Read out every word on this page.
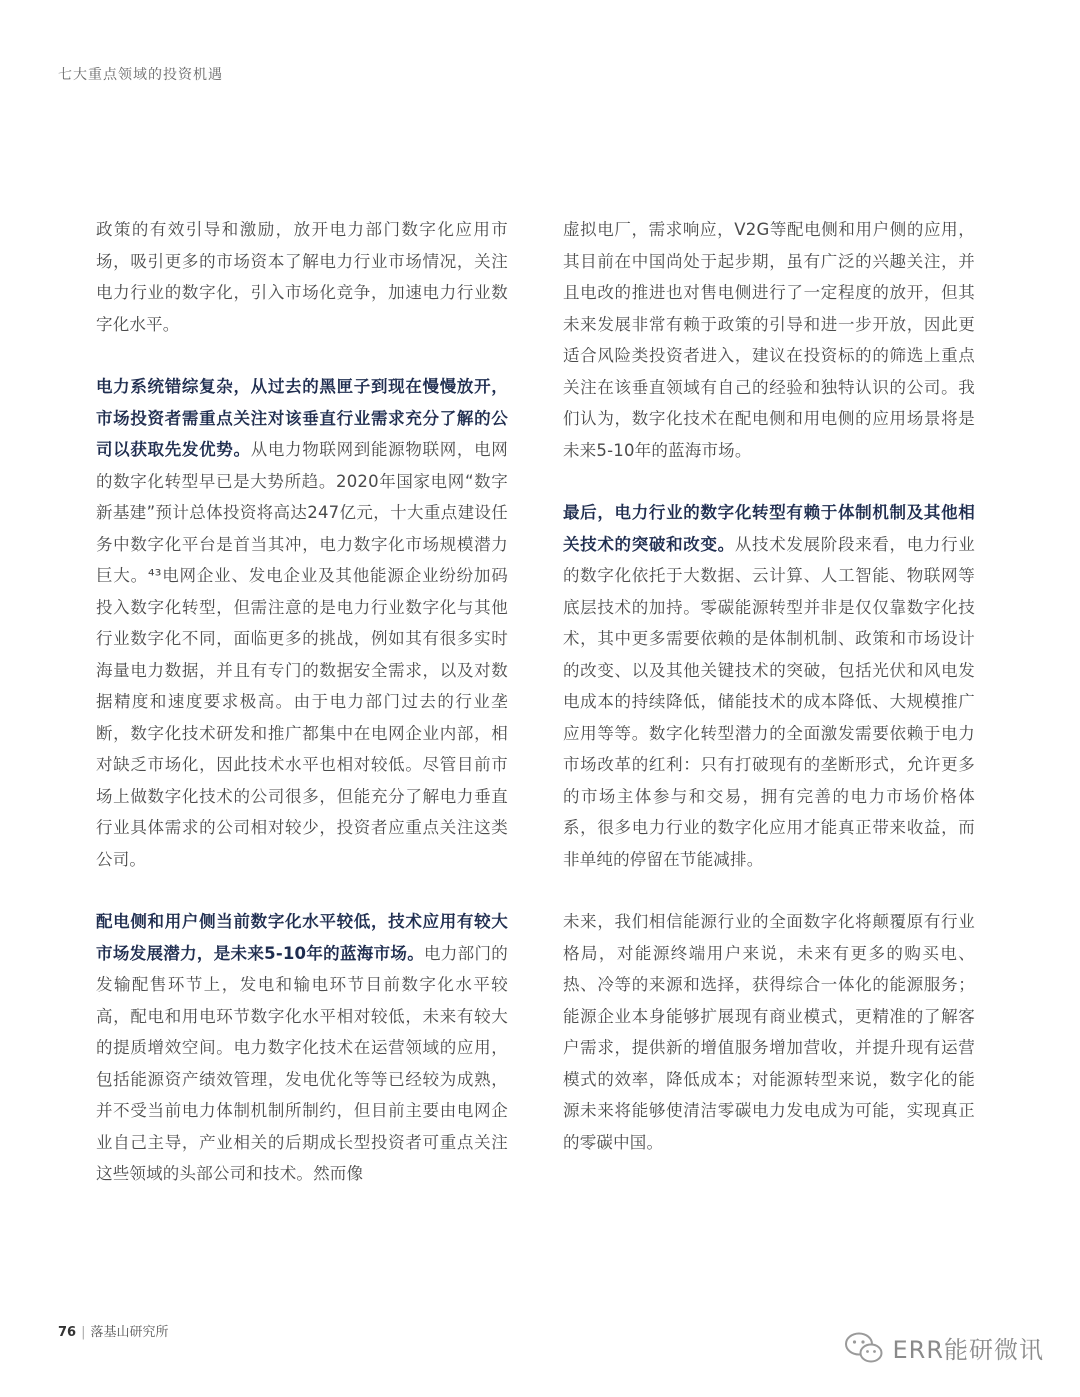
七大重点领域的投资机遇

政策的有效引导和激励，放开电力部门数字化应用市场，吸引更多的市场资本了解电力行业市场情况，关注电力行业的数字化，引入市场化竞争，加速电力行业数字化水平。

电力系统错综复杂，从过去的黑匣子到现在慢慢放开，市场投资者需重点关注对该垂直行业需求充分了解的公司以获取先发优势。从电力物联网到能源物联网，电网的数字化转型早已是大势所趋。2020年国家电网“数字新基建”预计总体投资将高达247亿元，十大重点建设任务中数字化平台是首当其冲，电力数字化市场规模潜力巨大。⁴³电网企业、发电企业及其他能源企业纷纷加码投入数字化转型，但需注意的是电力行业数字化与其他行业数字化不同，面临更多的挑战，例如其有很多实时海量电力数据，并且有专门的数据安全需求，以及对数据精度和速度要求极高。由于电力部门过去的行业垄断，数字化技术研发和推广都集中在电网企业内部，相对缺乏市场化，因此技术水平也相对较低。尽管目前市场上做数字化技术的公司很多，但能充分了解电力垂直行业具体需求的公司相对较少，投资者应重点关注这类公司。

配电侧和用户侧当前数字化水平较低，技术应用有较大市场发展潜力，是未来5-10年的蓝海市场。电力部门的发输配售环节上，发电和输电环节目前数字化水平较高，配电和用电环节数字化水平相对较低，未来有较大的提质增效空间。电力数字化技术在运营领域的应用，包括能源资产绩效管理，发电优化等等已经较为成熟，并不受当前电力体制机制所制约，但目前主要由电网企业自己主导，产业相关的后期成长型投资者可重点关注这些领域的头部公司和技术。然而像

虚拟电厂，需求响应，V2G等配电侧和用户侧的应用，其目前在中国尚处于起步期，虽有广泛的兴趣关注，并且电改的推进也对售电侧进行了一定程度的放开，但其未来发展非常有赖于政策的引导和进一步开放，因此更适合风险类投资者进入，建议在投资标的的筛选上重点关注在该垂直领域有自己的经验和独特认识的公司。我们认为，数字化技术在配电侧和用电侧的应用场景将是未来5-10年的蓝海市场。

最后，电力行业的数字化转型有赖于体制机制及其他相关技术的突破和改变。从技术发展阶段来看，电力行业的数字化依托于大数据、云计算、人工智能、物联网等底层技术的加持。零碳能源转型并非是仅仅靠数字化技术，其中更多需要依赖的是体制机制、政策和市场设计的改变、以及其他关键技术的突破，包括光伏和风电发电成本的持续降低，储能技术的成本降低、大规模推广应用等等。数字化转型潜力的全面激发需要依赖于电力市场改革的红利：只有打破现有的垄断形式，允许更多的市场主体参与和交易，拥有完善的电力市场价格体系，很多电力行业的数字化应用才能真正带来收益，而非单纯的停留在节能减排。

未来，我们相信能源行业的全面数字化将颠覆原有行业格局，对能源终端用户来说，未来有更多的购买电、热、冷等的来源和选择，获得综合一体化的能源服务；能源企业本身能够扩展现有商业模式，更精准的了解客户需求，提供新的增值服务增加营收，并提升现有运营模式的效率，降低成本；对能源转型来说，数字化的能源未来将能够使清洁零碳电力发电成为可能，实现真正的零碳中国。

76 | 落基山研究所
ERR能研微讯
